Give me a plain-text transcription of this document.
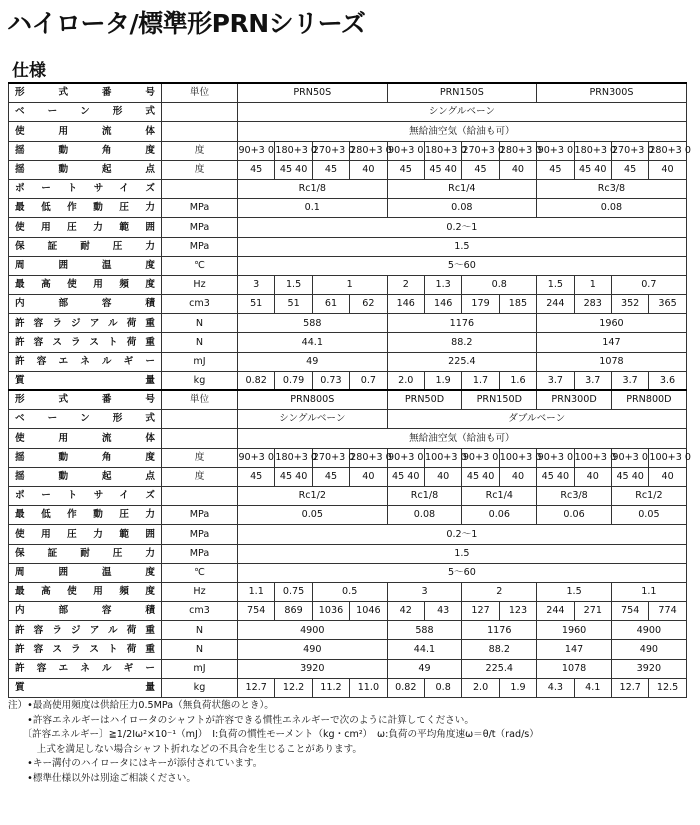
ハイロータ/標準形PRNシリーズ
仕様
形式番号	単位	PRN50S				PRN150S				PRN300S			
ベーン形式		シングルベーン											
使用流体		無給油空気（給油も可）											
揺動角度	度	90+3 0	180+3 0	270+3 0	280+3 0	90+3 0	180+3 0	270+3 0	280+3 0	90+3 0	180+3 0	270+3 0	280+3 0
揺動起点	度	45	45 40	45	40	45	45 40	45	40	45	45 40	45	40
ポートサイズ		Rc1/8				Rc1/4				Rc3/8			
最低作動圧力	MPa	0.1				0.08				0.08			
使用圧力範囲	MPa	0.2〜1											
保証耐圧力	MPa	1.5											
周囲温度	℃	5〜60											
最高使用頻度	Hz	3	1.5	1		2	1.3	0.8		1.5	1	0.7	
内部容積	cm3	51	51	61	62	146	146	179	185	244	283	352	365
許容ラジアル荷重	N	588				1176				1960			
許容スラスト荷重	N	44.1				88.2				147			
許容エネルギー	mJ	49				225.4				1078			
質量	kg	0.82	0.79	0.73	0.7	2.0	1.9	1.7	1.6	3.7	3.7	3.7	3.6
形式番号	単位	PRN800S				PRN50D		PRN150D		PRN300D		PRN800D	
ベーン形式		シングルベーン				ダブルベーン							
使用流体		無給油空気（給油も可）											
揺動角度	度	90+3 0	180+3 0	270+3 0	280+3 0	90+3 0	100+3 0	90+3 0	100+3 0	90+3 0	100+3 0	90+3 0	100+3 0
揺動起点	度	45	45 40	45	40	45 40	40	45 40	40	45 40	40	45 40	40
ポートサイズ		Rc1/2				Rc1/8		Rc1/4		Rc3/8		Rc1/2	
最低作動圧力	MPa	0.05				0.08		0.06		0.06		0.05	
使用圧力範囲	MPa	0.2〜1											
保証耐圧力	MPa	1.5											
周囲温度	℃	5〜60											
最高使用頻度	Hz	1.1	0.75	0.5		3		2		1.5		1.1	
内部容積	cm3	754	869	1036	1046	42	43	127	123	244	271	754	774
許容ラジアル荷重	N	4900				588		1176		1960		4900	
許容スラスト荷重	N	490				44.1		88.2		147		490	
許容エネルギー	mJ	3920				49		225.4		1078		3920	
質量	kg	12.7	12.2	11.2	11.0	0.82	0.8	2.0	1.9	4.3	4.1	12.7	12.5
注）•最高使用頻度は供給圧力0.5MPa（無負荷状態のとき）。
　　•許容エネルギーはハイロータのシャフトが許容できる慣性エネルギーで次のように計算してください。
　　〔許容エネルギー〕≧1/2Iω²×10⁻¹（mJ）　I:負荷の慣性モーメント（kg・cm²）　ω:負荷の平均角度速ω＝θ/t（rad/s）
　　　上式を満足しない場合シャフト折れなどの不具合を生じることがあります。
　　•キー溝付のハイロータにはキーが添付されています。
　　•標準仕様以外は別途ご相談ください。
